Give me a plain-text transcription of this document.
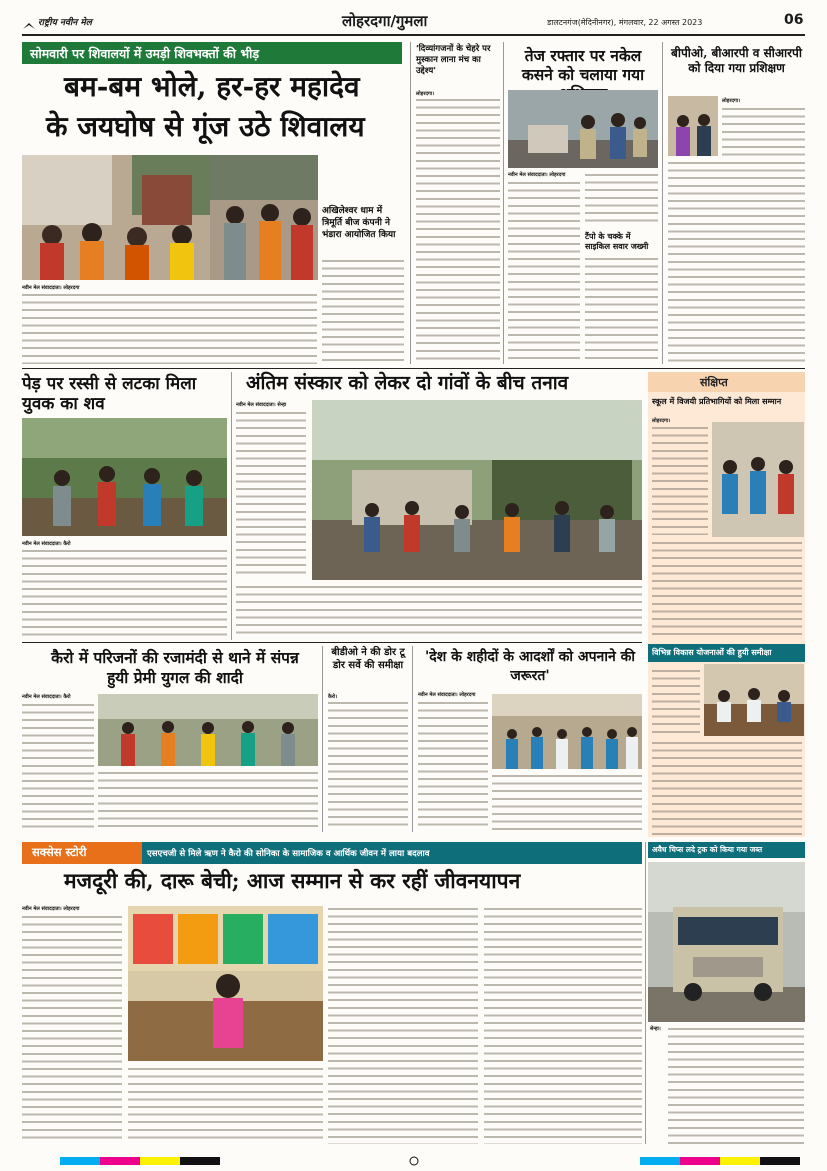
राष्ट्रीय नवीन मेल	लोहरदगा/गुमला	डालटनगंज(मेदिनीनगर), मंगलवार, 22 अगस्त 2023	06
सोमवारी पर शिवालयों में उमड़ी शिवभक्तों की भीड़
बम-बम भोले, हर-हर महादेव
के जयघोष से गूंज उठे शिवालय
नवीन मेल संवाददाता। लोहरदगा
अखिलेश्वर धाम में त्रिमूर्ति बीज कंपनी ने भंडारा आयोजित किया
'दिव्यांगजनों के चेहरे पर मुस्कान लाना मंच का उद्देश्य'
लोहरदगा।
तेज रफ्तार पर नकेल कसने को चलाया गया
नवीन मेल संवाददाता। लोहरदगा
टैंपो के चक्के में साइकिल सवार जख्मी
बीपीओ, बीआरपी व सीआरपी को दिया गया प्रशिक्षण
लोहरदगा।
पेड़ पर रस्सी से लटका मिला युवक का शव
नवीन मेल संवाददाता। कैरो
अंतिम संस्कार को लेकर दो गांवों के बीच तनाव
नवीन मेल संवाददाता। सेन्हा
संक्षिप्त
स्कूल में विजयी प्रतिभागियों को मिला सम्मान
लोहरदगा।
विभिन्न विकास योजनाओं की हुयी समीक्षा
कैरो में परिजनों की रजामंदी से थाने में संपन्न हुयी प्रेमी युगल की शादी
नवीन मेल संवाददाता। कैरो
बीडीओ ने की डोर टू डोर सर्वे की समीक्षा
कैरो।
'देश के शहीदों के आदर्शों को अपनाने की जरूरत'
नवीन मेल संवाददाता। लोहरदगा
सक्सेस स्टोरी	एसएचजी से मिले ऋण ने कैरो की सोनिका के सामाजिक व आर्थिक जीवन में लाया बदलाव
मजदूरी की, दारू बेची; आज सम्मान से कर रहीं जीवनयापन
नवीन मेल संवाददाता। लोहरदगा
अवैध चिप्स लदे ट्रक को किया गया जब्त
सेन्हा।
